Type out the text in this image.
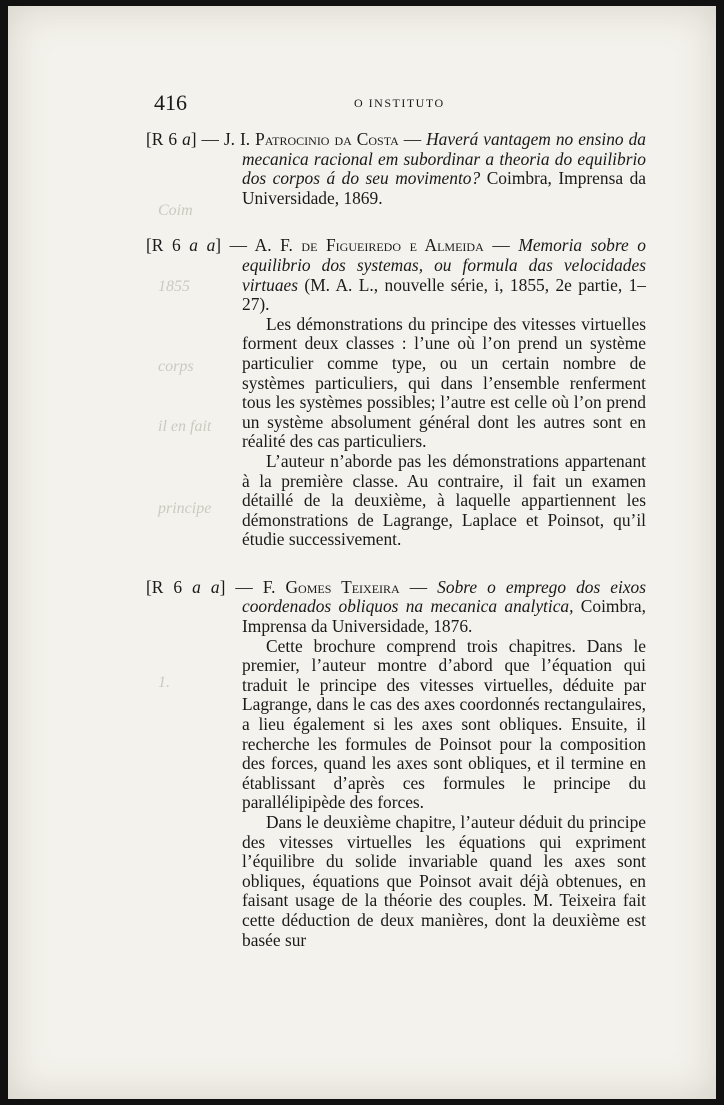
Coim
1855
corps
il en fait
principe
1.
416	O INSTITUTO
[R 6 a] — J. I. Patrocinio da Costa — Haverá vantagem no ensino da mecanica racional em subordinar a theoria do equilibrio dos corpos á do seu movimento? Coimbra, Imprensa da Universidade, 1869.
[R 6 a a] — A. F. de Figueiredo e Almeida — Memoria sobre o equilibrio dos systemas, ou formula das velocidades virtuaes (M. A. L., nouvelle série, i, 1855, 2e partie, 1–27).

Les démonstrations du principe des vitesses virtuelles forment deux classes : l’une où l’on prend un système particulier comme type, ou un certain nombre de systèmes particuliers, qui dans l’ensemble renferment tous les systèmes possibles; l’autre est celle où l’on prend un système absolument général dont les autres sont en réalité des cas particuliers.

L’auteur n’aborde pas les démonstrations appartenant à la première classe. Au contraire, il fait un examen détaillé de la deuxième, à laquelle appartiennent les démonstrations de Lagrange, Laplace et Poinsot, qu’il étudie successivement.

[R 6 a a] — F. Gomes Teixeira — Sobre o emprego dos eixos coordenados obliquos na mecanica analytica, Coimbra, Imprensa da Universidade, 1876.

Cette brochure comprend trois chapitres. Dans le premier, l’auteur montre d’abord que l’équation qui traduit le principe des vitesses virtuelles, déduite par Lagrange, dans le cas des axes coordonnés rectangulaires, a lieu également si les axes sont obliques. Ensuite, il recherche les formules de Poinsot pour la composition des forces, quand les axes sont obliques, et il termine en établissant d’après ces formules le principe du parallélipipède des forces.

Dans le deuxième chapitre, l’auteur déduit du principe des vitesses virtuelles les équations qui expriment l’équilibre du solide invariable quand les axes sont obliques, équations que Poinsot avait déjà obtenues, en faisant usage de la théorie des couples. M. Teixeira fait cette déduction de deux manières, dont la deuxième est basée sur
